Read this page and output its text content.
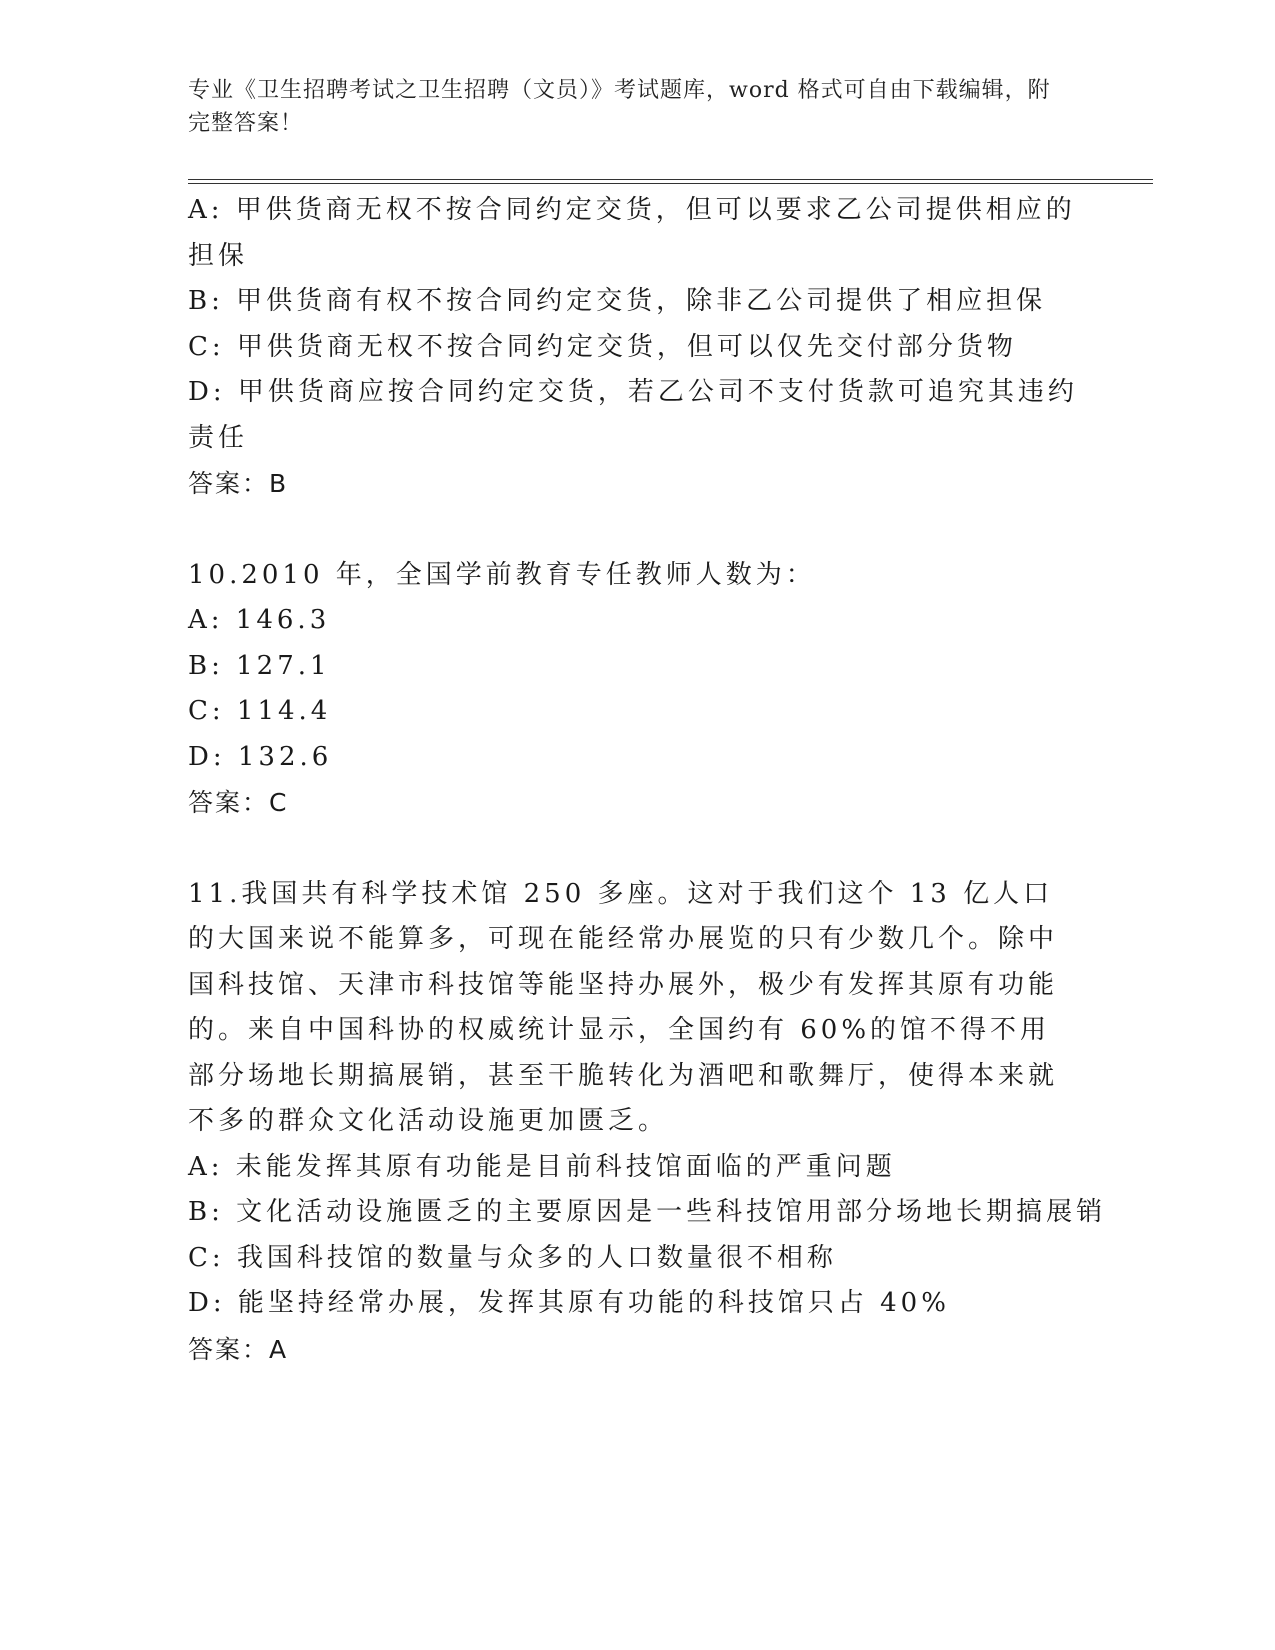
专业《卫生招聘考试之卫生招聘（文员）》考试题库，word 格式可自由下载编辑，附完整答案！
A: 甲供货商无权不按合同约定交货，但可以要求乙公司提供相应的担保
B: 甲供货商有权不按合同约定交货，除非乙公司提供了相应担保
C: 甲供货商无权不按合同约定交货，但可以仅先交付部分货物
D: 甲供货商应按合同约定交货，若乙公司不支付货款可追究其违约责任
答案：B
10.2010 年，全国学前教育专任教师人数为：
A: 146.3
B: 127.1
C: 114.4
D: 132.6
答案：C
11.我国共有科学技术馆 250 多座。这对于我们这个 13 亿人口的大国来说不能算多，可现在能经常办展览的只有少数几个。除中国科技馆、天津市科技馆等能坚持办展外，极少有发挥其原有功能的。来自中国科协的权威统计显示，全国约有 60%的馆不得不用部分场地长期搞展销，甚至干脆转化为酒吧和歌舞厅，使得本来就不多的群众文化活动设施更加匮乏。
A: 未能发挥其原有功能是目前科技馆面临的严重问题
B: 文化活动设施匮乏的主要原因是一些科技馆用部分场地长期搞展销
C: 我国科技馆的数量与众多的人口数量很不相称
D: 能坚持经常办展，发挥其原有功能的科技馆只占 40%
答案：A
